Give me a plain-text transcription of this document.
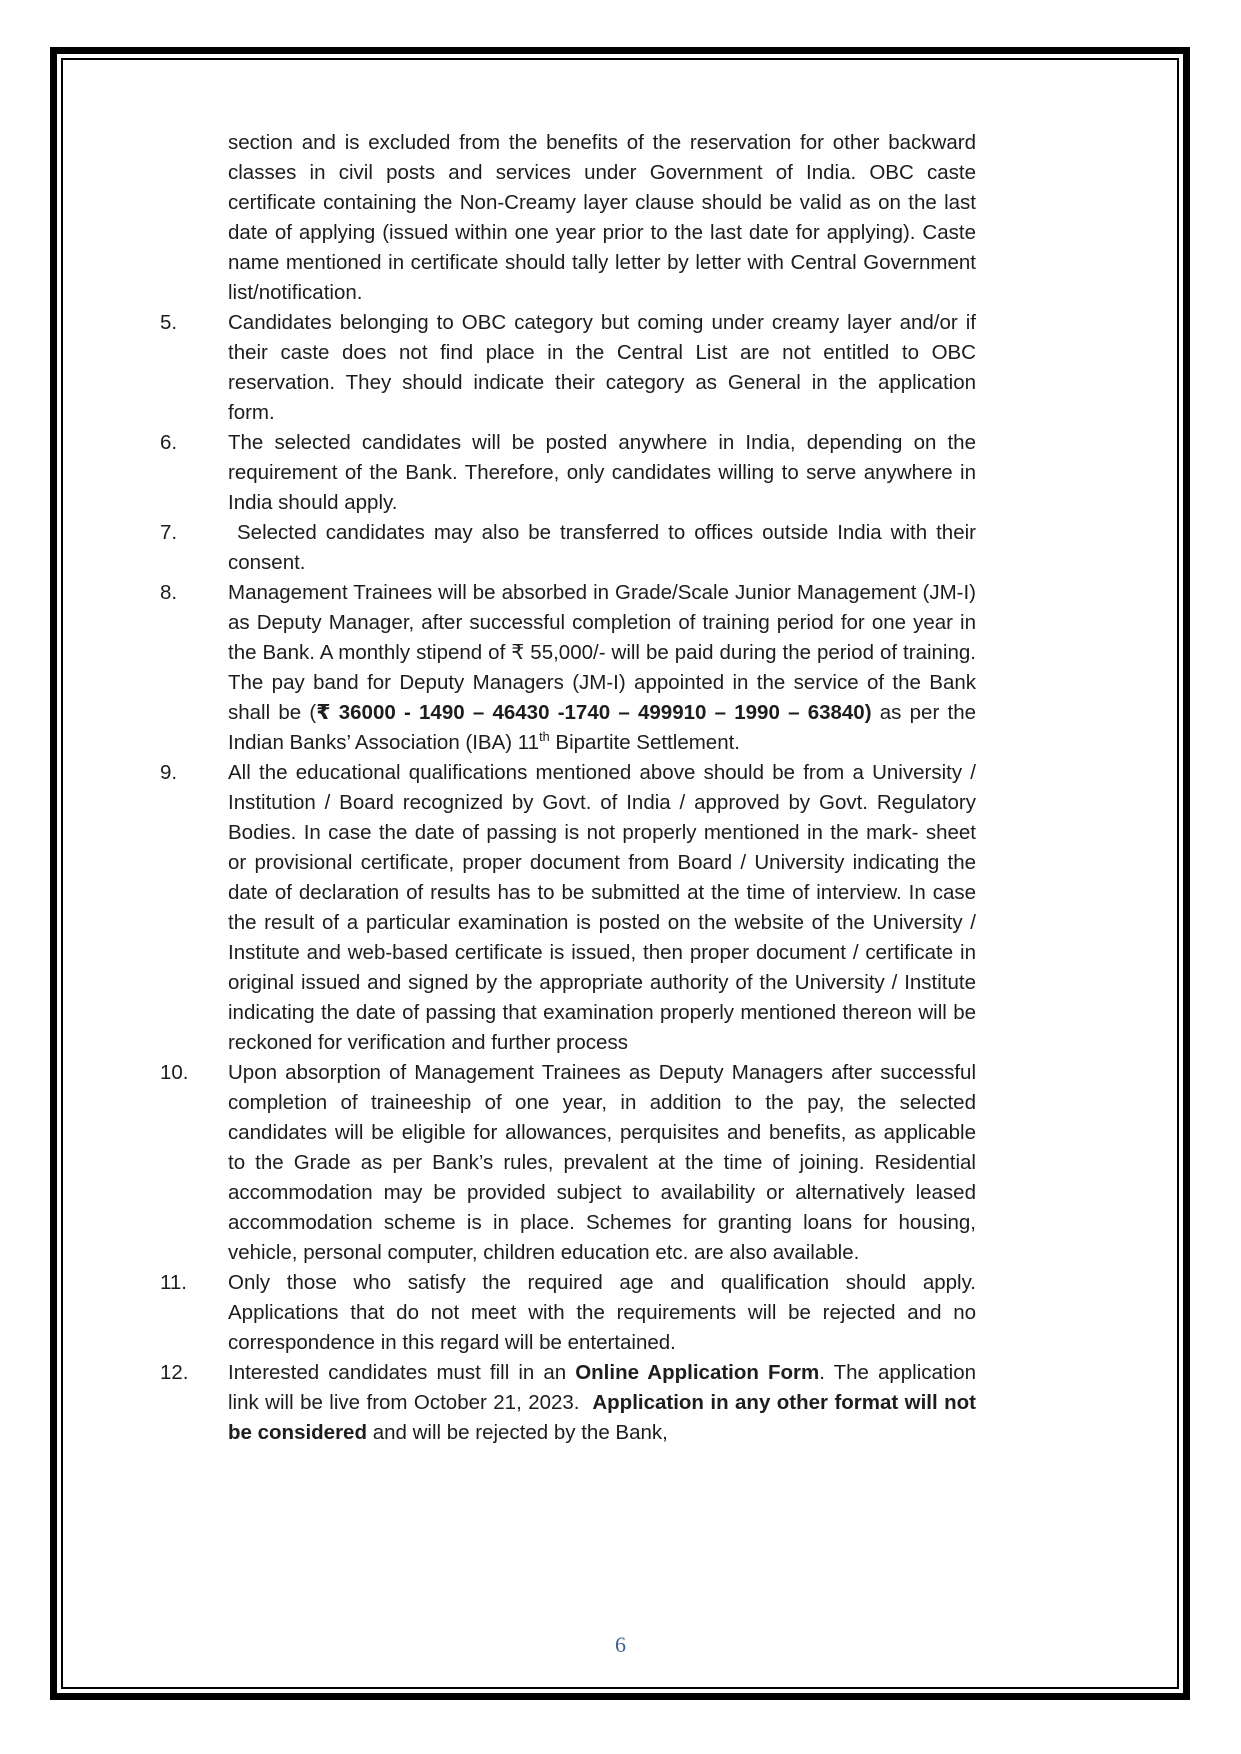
section and is excluded from the benefits of the reservation for other backward classes in civil posts and services under Government of India. OBC caste certificate containing the Non-Creamy layer clause should be valid as on the last date of applying (issued within one year prior to the last date for applying). Caste name mentioned in certificate should tally letter by letter with Central Government list/notification.
5.	Candidates belonging to OBC category but coming under creamy layer and/or if their caste does not find place in the Central List are not entitled to OBC reservation. They should indicate their category as General in the application form.
6.	The selected candidates will be posted anywhere in India, depending on the requirement of the Bank. Therefore, only candidates willing to serve anywhere in India should apply.
7.	Selected candidates may also be transferred to offices outside India with their consent.
8.	Management Trainees will be absorbed in Grade/Scale Junior Management (JM-I) as Deputy Manager, after successful completion of training period for one year in the Bank. A monthly stipend of ₹ 55,000/- will be paid during the period of training. The pay band for Deputy Managers (JM-I) appointed in the service of the Bank shall be (₹ 36000 - 1490 – 46430 -1740 – 499910 – 1990 – 63840) as per the Indian Banks’ Association (IBA) 11th Bipartite Settlement.
9.	All the educational qualifications mentioned above should be from a University / Institution / Board recognized by Govt. of India / approved by Govt. Regulatory Bodies. In case the date of passing is not properly mentioned in the mark- sheet or provisional certificate, proper document from Board / University indicating the date of declaration of results has to be submitted at the time of interview. In case the result of a particular examination is posted on the website of the University / Institute and web-based certificate is issued, then proper document / certificate in original issued and signed by the appropriate authority of the University / Institute indicating the date of passing that examination properly mentioned thereon will be reckoned for verification and further process
10.	Upon absorption of Management Trainees as Deputy Managers after successful completion of traineeship of one year, in addition to the pay, the selected candidates will be eligible for allowances, perquisites and benefits, as applicable to the Grade as per Bank’s rules, prevalent at the time of joining. Residential accommodation may be provided subject to availability or alternatively leased accommodation scheme is in place. Schemes for granting loans for housing, vehicle, personal computer, children education etc. are also available.
11.	Only those who satisfy the required age and qualification should apply. Applications that do not meet with the requirements will be rejected and no correspondence in this regard will be entertained.
12.	Interested candidates must fill in an Online Application Form. The application link will be live from October 21, 2023.  Application in any other format will not be considered and will be rejected by the Bank,
6
